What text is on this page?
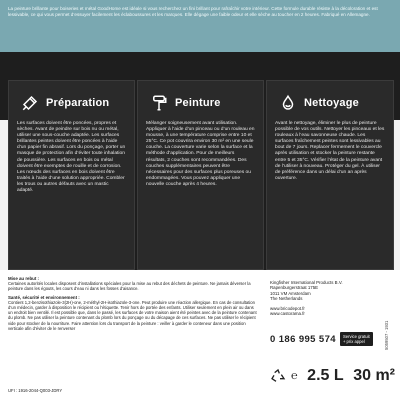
La peinture brillante pour boiseries et métal GoodHome est idéale si vous recherchez un fini brillant pour rafraîchir votre intérieur. Cette formule durable résiste à la décoloration et est lessivable, ce qui vous permet d’essuyer facilement les éclaboussures et les marques. Elle dégage une faible odeur et elle sèche au toucher en 2 heures. Fabriqué en Allemagne.
Préparation
Les surfaces doivent être poncées, propres et sèches. Avant de peindre sur bois nu ou métal, utiliser une sous-couche adaptée. Les surfaces brillantes peintes doivent être poncées à l’aide d’un papier fin abrasif. Lors du ponçage, porter un masque de protection afin d’éviter toute inhalation de poussière. Les surfaces en bois ou métal doivent être exemptes de rouille et de corrosion. Les nœuds des surfaces en bois doivent être traités à l’aide d’une solution appropriée. Combler les trous ou autres défauts avec un mastic adapté.
Peinture
Mélanger soigneusement avant utilisation. Appliquer à l’aide d’un pinceau ou d’un rouleau en mousse, à une température comprise entre 10 et 25°C. Ce pot couvrira environ 30 m² en une seule couche. La couverture varie selon la surface et la méthode d’application. Pour de meilleurs résultats, 2 couches sont recommandées. Des couches supplémentaires peuvent être nécessaires pour des surfaces plus poreuses ou endommagées. Vous pouvez appliquer une nouvelle couche après 4 heures.
Nettoyage
Avant le nettoyage, éliminer le plus de peinture possible de vos outils. Nettoyer les pinceaux et les rouleaux à l’eau savonneuse chaude. Les surfaces fraîchement peintes sont lessivables au bout de 7 jours. Replacer fermement le couvercle après utilisation et stocker la peinture restante entre 5 et 35°C. Vérifier l’état de la peinture avant de l’utiliser à nouveau. Protéger du gel. À utiliser de préférence dans un délai d’un an après ouverture.
Mise au rebut :
Certaines autorités locales disposent d’installations spéciales pour la mise au rebut des déchets de peinture. Ne jamais déverser la peinture dans les égouts, les cours d’eau ni dans les fosses d’aisance.
Santé, sécurité et environnement :
Contient 1,2-benzisothiazole-3(2H)-one, 2-méthyl-2H-isothiazole-3-one. Peut produire une réaction allergique. En cas de consultation d’un médecin, garder à disposition le récipient ou l’étiquette. Tenir hors de portée des enfants. Utiliser seulement en plein air ou dans un endroit bien ventilé. Il est possible que, dans le passé, les surfaces de votre maison aient été peintes avec de la peinture contenant du plomb. Ne pas utiliser la peinture contenant du plomb lors du ponçage ou du décapage de ces surfaces. Ne pas utiliser le récipient vide pour stocker de la nourriture. Faire attention lors du transport de la peinture : veiller à garder le conteneur dans une position verticale afin d’éviter de le renverser
Kingfisher International Products B.V.
Rapenburgerstraat 175E
1011 VM Amsterdam
The Netherlands
www.bricodepot.fr
www.castorama.fr
0 186 995 574	Service gratuit
+ prix appel
℮ 2.5 L 30 m²
UFI : 1916-2044-Q003-JDRY
5059507 - 1931
